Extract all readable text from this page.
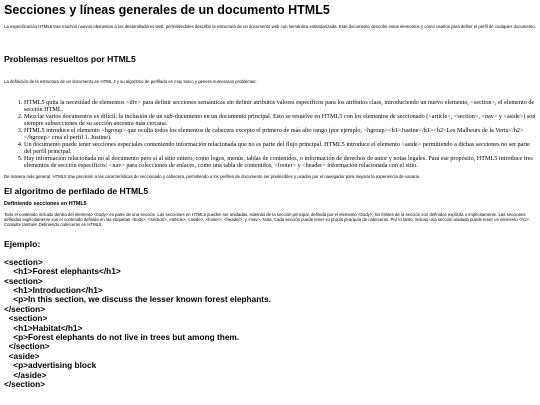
Secciones y líneas generales de un documento HTML5

La especificación HTML5 trae muchos nuevos elementos a los desarrolladores web, permitiéndoles describir la estructura de un documento web con semántica estandarizada. Este documento describe estos elementos y cómo usarlos para definir el perfil de cualquier documento.

Problemas resueltos por HTML5

La definición de la estructura de un documento en HTML 4 y su algoritmo de perfilado es muy tosco y genera numerosos problemas:

1. HTML5 quita la necesidad de elementos <div> para definir secciones semánticas sin definir atributos valores específicos para los atributos class, introduciendo un nuevo elemento, <section>, el elemento de sección HTML.
2. Mezclar varios documentos es difícil: la inclusión de un sub-documento en un documento principal. Esto se resuelve en HTML5 con los elementos de seccionado (<article>, <section>, <nav> y <aside>) son siempre subsecciones de su sección ancestra más cercana.
3. HTML5 introduce el elemento <hgroup> que oculta todos los elementos de cabecera excepto el primero de más alto rango (por ejemplo, <hgroup><h1>Justine</h1><h2>Les Malheurs de la Vertu</h2></hgroup> crea el perfil 1. Justine).
4. Un documento puede tener secciones especiales conteniendo información relacionada que no es parte del flujo principal. HTML5 introduce el elemento <aside> permitiendo a dichas secciones no ser parte del perfil principal.
5. Hay información relacionada no al documento pero sí al sitio entero, como logos, menús, tablas de contenidos, o información de derechos de autor y notas legales. Para ese propósito, HTML5 introduce tres elementos de sección específicos: <nav> para colecciones de enlaces, como una tabla de contenidos, <footer> y <header> información relacionada con el sitio.

De manera más general, HTML5 trae precisión a las características de seccionado y cabecera, permitiendo a los perfiles de documento ser predecibles y usados por el navegador para mejorar la experiencia de usuario.

El algoritmo de perfilado de HTML5
Definiendo secciones en HTML5

Todo el contenido incluido dentro del elemento <body> es parte de una sección. Las secciones en HTML5 pueden ser anidadas. Además de la sección principal, definida por el elemento <body>, los límites de la sección son definidos explícita o implícitamente. Las secciones definidas explícitamente son el contenido definido en las etiquetas <body>, <section>, <article>, <aside>, <footer>, <header>, y <nav>. Nota: Cada sección puede tener su propia jerarquía de cabeceras. Por lo tanto, incluso una sección anidada puede tener un elemento <h1>. Consulte también Definiendo cabeceras en HTML5.

Ejemplo:
<section>
<h1>Forest elephants</h1>
<section>
<h1>Introduction</h1>
<p>In this section, we discuss the lesser known forest elephants.
</section>
<section>
<h1>Habitat</h1>
<p>Forest elephants do not live in trees but among them.
</section>
<aside>
<p>advertising block
</aside>
</section>
